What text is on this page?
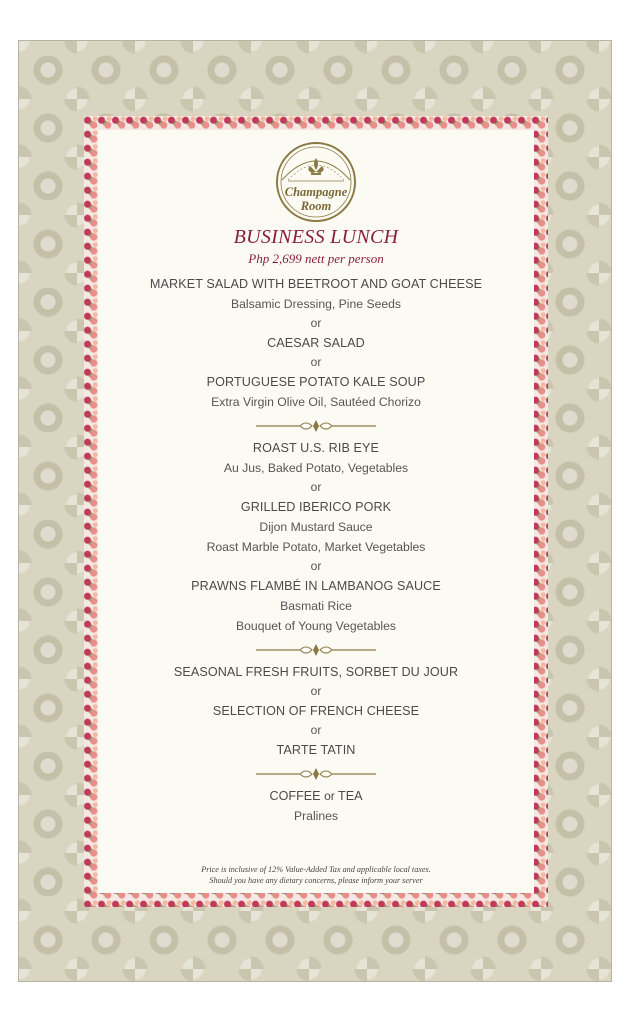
Champagne
Room
BUSINESS LUNCH
Php 2,699 nett per person
MARKET SALAD WITH BEETROOT AND GOAT CHEESE
Balsamic Dressing, Pine Seeds
or
CAESAR SALAD
or
PORTUGUESE POTATO KALE SOUP
Extra Virgin Olive Oil, Sautéed Chorizo
ROAST U.S. RIB EYE
Au Jus, Baked Potato, Vegetables
or
GRILLED IBERICO PORK
Dijon Mustard Sauce
Roast Marble Potato, Market Vegetables
or
PRAWNS FLAMBÉ IN LAMBANOG SAUCE
Basmati Rice
Bouquet of Young Vegetables
SEASONAL FRESH FRUITS, SORBET DU JOUR
or
SELECTION OF FRENCH CHEESE
or
TARTE TATIN
COFFEE or TEA
Pralines
Price is inclusive of 12% Value-Added Tax and applicable local taxes.
Should you have any dietary concerns, please inform your server
